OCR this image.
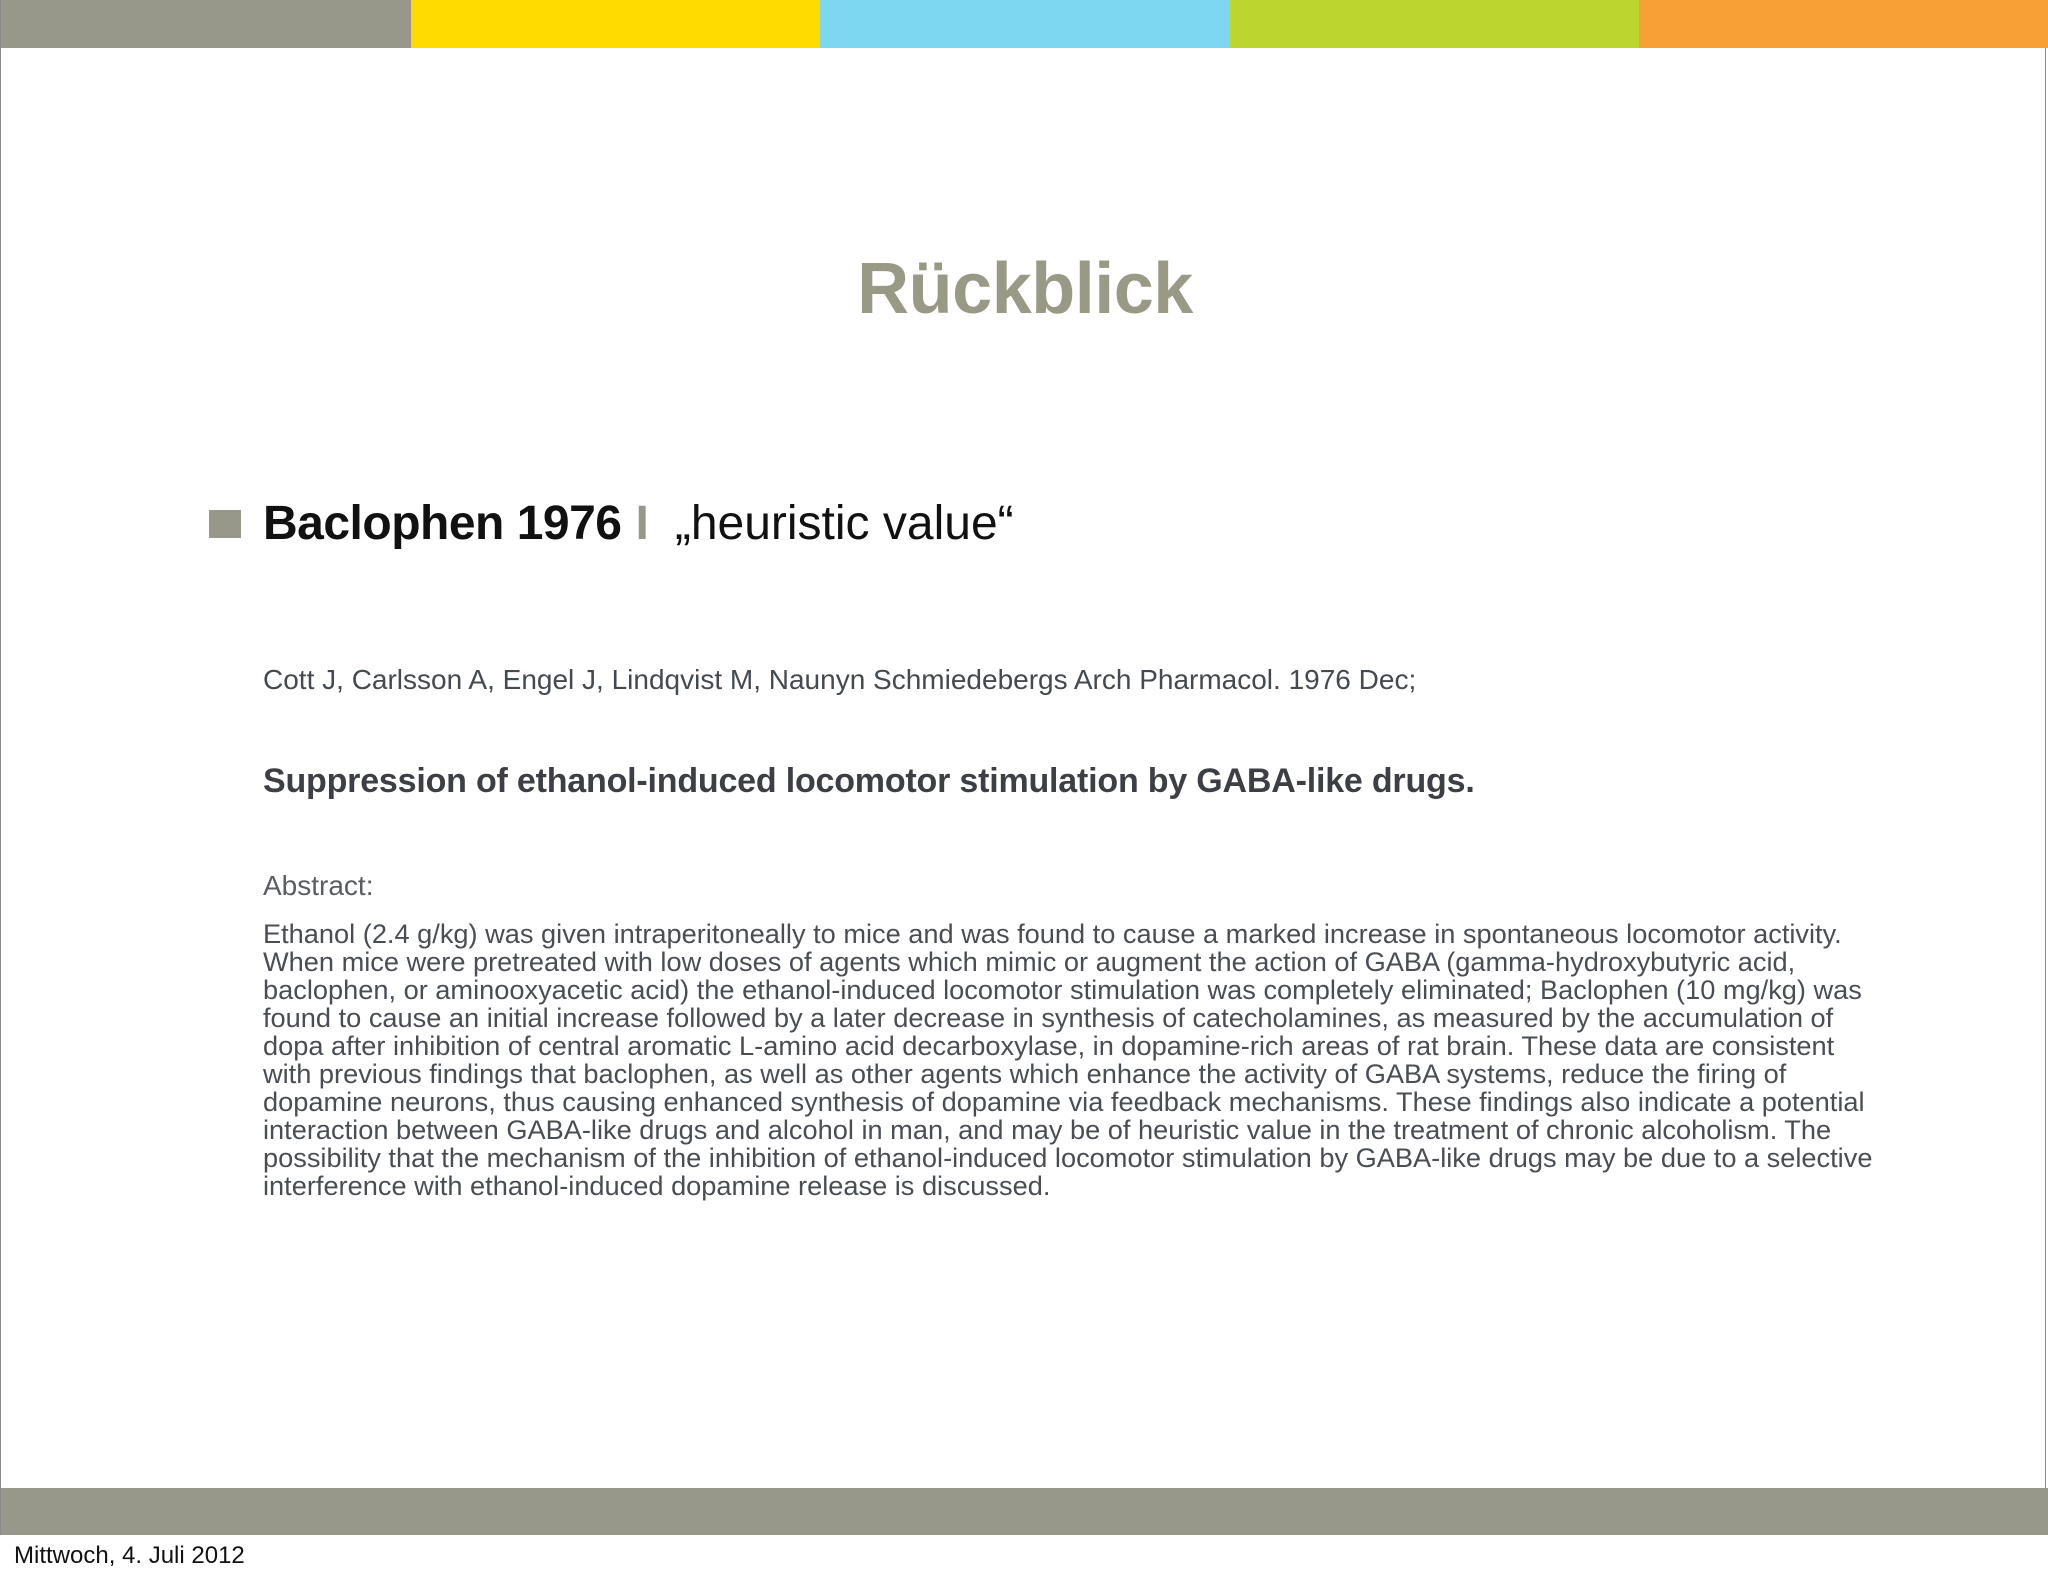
Rückblick
Baclophen 1976 I „heuristic value“
Cott J, Carlsson A, Engel J, Lindqvist M, Naunyn Schmiedebergs Arch Pharmacol. 1976 Dec;
Suppression of ethanol-induced locomotor stimulation by GABA-like drugs.
Abstract:
Ethanol (2.4 g/kg) was given intraperitoneally to mice and was found to cause a marked increase in spontaneous locomotor activity. When mice were pretreated with low doses of agents which mimic or augment the action of GABA (gamma-hydroxybutyric acid, baclophen, or aminooxyacetic acid) the ethanol-induced locomotor stimulation was completely eliminated; Baclophen (10 mg/kg) was found to cause an initial increase followed by a later decrease in synthesis of catecholamines, as measured by the accumulation of dopa after inhibition of central aromatic L-amino acid decarboxylase, in dopamine-rich areas of rat brain. These data are consistent with previous findings that baclophen, as well as other agents which enhance the activity of GABA systems, reduce the firing of dopamine neurons, thus causing enhanced synthesis of dopamine via feedback mechanisms. These findings also indicate a potential interaction between GABA-like drugs and alcohol in man, and may be of heuristic value in the treatment of chronic alcoholism. The possibility that the mechanism of the inhibition of ethanol-induced locomotor stimulation by GABA-like drugs may be due to a selective interference with ethanol-induced dopamine release is discussed.
Mittwoch, 4. Juli 2012
